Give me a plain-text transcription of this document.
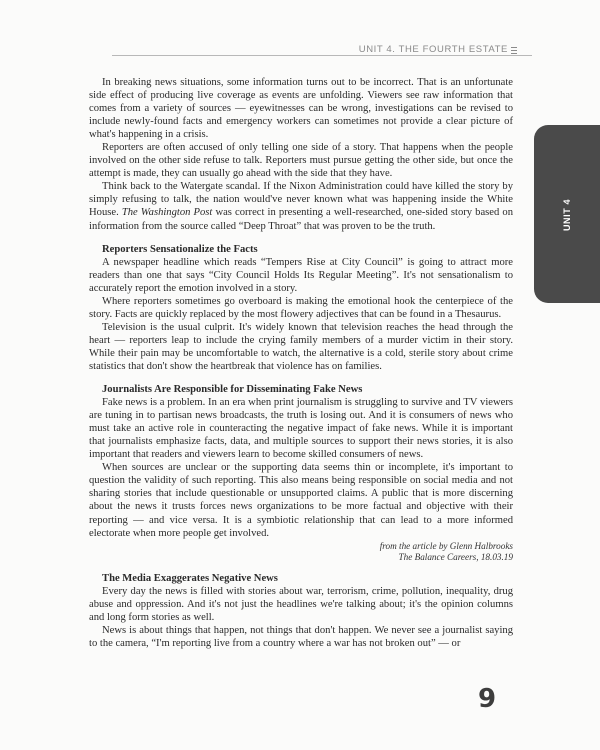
UNIT 4. THE FOURTH ESTATE
UNIT 4

In breaking news situations, some information turns out to be incorrect. That is an unfortunate side effect of producing live coverage as events are unfolding. Viewers see raw information that comes from a variety of sources — eyewitnesses can be wrong, investigations can be revised to include newly-found facts and emergency workers can sometimes not provide a clear picture of what's happening in a crisis.

Reporters are often accused of only telling one side of a story. That happens when the people involved on the other side refuse to talk. Reporters must pursue getting the other side, but once the attempt is made, they can usually go ahead with the side that they have.

Think back to the Watergate scandal. If the Nixon Administration could have killed the story by simply refusing to talk, the nation would've never known what was happening inside the White House. The Washington Post was correct in presenting a well-researched, one-sided story based on information from the source called “Deep Throat” that was proven to be the truth.

Reporters Sensationalize the Facts

A newspaper headline which reads “Tempers Rise at City Council” is going to attract more readers than one that says “City Council Holds Its Regular Meeting”. It's not sensationalism to accurately report the emotion involved in a story.

Where reporters sometimes go overboard is making the emotional hook the centerpiece of the story. Facts are quickly replaced by the most flowery adjectives that can be found in a Thesaurus.

Television is the usual culprit. It's widely known that television reaches the head through the heart — reporters leap to include the crying family members of a murder victim in their story. While their pain may be uncomfortable to watch, the alternative is a cold, sterile story about crime statistics that don't show the heartbreak that violence has on families.

Journalists Are Responsible for Disseminating Fake News

Fake news is a problem. In an era when print journalism is struggling to survive and TV viewers are tuning in to partisan news broadcasts, the truth is losing out. And it is consumers of news who must take an active role in counteracting the negative impact of fake news. While it is important that journalists emphasize facts, data, and multiple sources to support their news stories, it is also important that readers and viewers learn to become skilled consumers of news.

When sources are unclear or the supporting data seems thin or incomplete, it's important to question the validity of such reporting. This also means being responsible on social media and not sharing stories that include questionable or unsupported claims. A public that is more discerning about the news it trusts forces news organizations to be more factual and objective with their reporting — and vice versa. It is a symbiotic relationship that can lead to a more informed electorate when more people get involved.

from the article by Glenn Halbrooks
The Balance Careers, 18.03.19
The Media Exaggerates Negative News

Every day the news is filled with stories about war, terrorism, crime, pollution, inequality, drug abuse and oppression. And it's not just the headlines we're talking about; it's the opinion columns and long form stories as well.

News is about things that happen, not things that don't happen. We never see a journalist saying to the camera, “I'm reporting live from a country where a war has not broken out” — or

9
